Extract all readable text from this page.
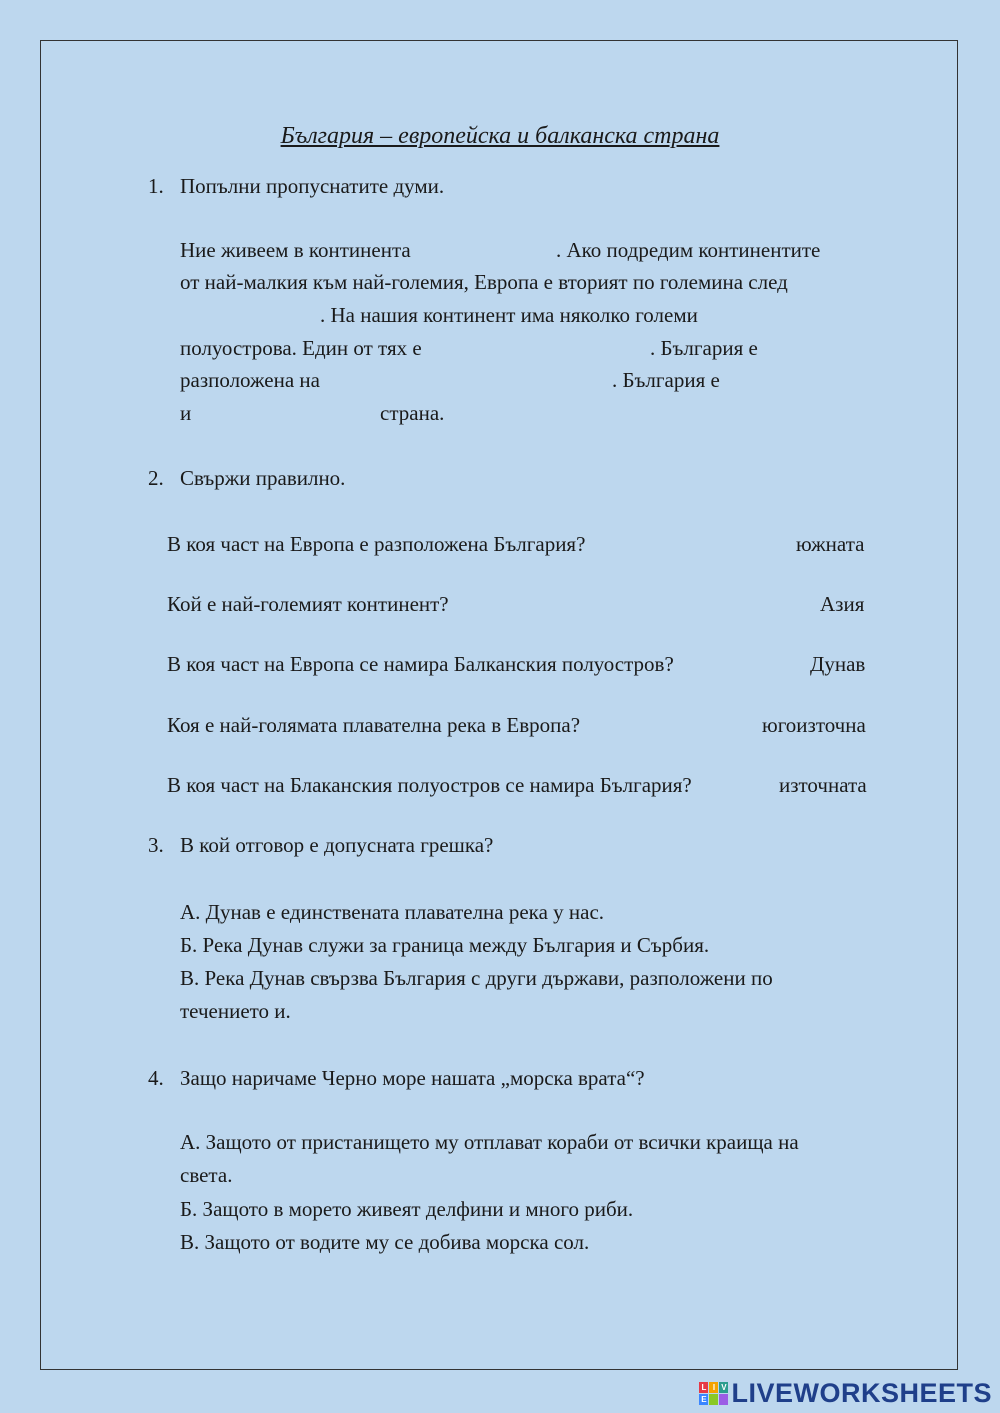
България – европейска и балканска страна
1. Попълни пропуснатите думи.
Ние живеем в континента	. Ако подредим континентите
от най-малкия към най-големия, Европа е вторият по големина след
. На нашия континент има няколко големи
полуострова. Един от тях е	. България е
разположена на	. България е
и	страна.
2. Свържи правилно.
В коя част на Европа е разположена България?	южната
Кой е най-големият континент?	Азия
В коя част на Европа се намира Балканския полуостров?	Дунав
Коя е най-голямата плавателна река в Европа?	югоизточна
В коя част на Блаканския полуостров се намира България?	източната
3. В кой отговор е допусната грешка?
А. Дунав е единствената плавателна река у нас.
Б. Река Дунав служи за граница между България и Сърбия.
В. Река Дунав свързва България с други държави, разположени по
течението и.
4. Защо наричаме Черно море нашата „морска врата“?
А. Защото от пристанището му отплават кораби от всички краища на
света.
Б. Защото в морето живеят делфини и много риби.
В. Защото от водите му се добива морска сол.
L I V
E LIVEWORKSHEETS
